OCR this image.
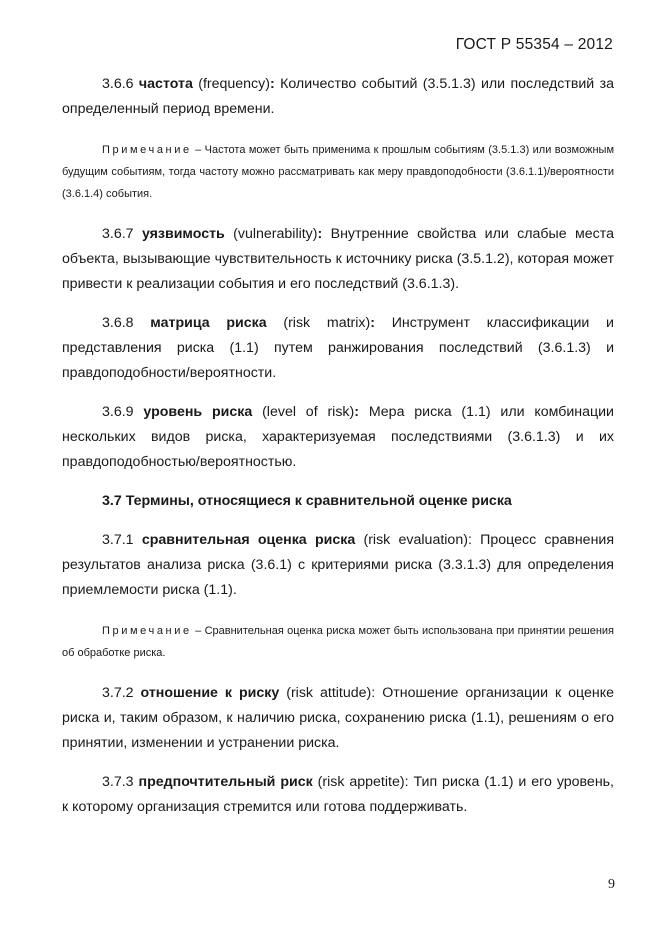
ГОСТ Р 55354 – 2012

3.6.6 частота (frequency): Количество событий (3.5.1.3) или последствий за определенный период времени.

Примечание – Частота может быть применима к прошлым событиям (3.5.1.3) или возможным будущим событиям, тогда частоту можно рассматривать как меру правдоподобности (3.6.1.1)/вероятности (3.6.1.4) события.

3.6.7 уязвимость (vulnerability): Внутренние свойства или слабые места объекта, вызывающие чувствительность к источнику риска (3.5.1.2), которая может привести к реализации события и его последствий (3.6.1.3).

3.6.8 матрица риска (risk matrix): Инструмент классификации и представления риска (1.1) путем ранжирования последствий (3.6.1.3) и правдоподобности/вероятности.

3.6.9 уровень риска (level of risk): Мера риска (1.1) или комбинации нескольких видов риска, характеризуемая последствиями (3.6.1.3) и их правдоподобностью/вероятностью.

3.7 Термины, относящиеся к сравнительной оценке риска

3.7.1 сравнительная оценка риска (risk evaluation): Процесс сравнения результатов анализа риска (3.6.1) с критериями риска (3.3.1.3) для определения приемлемости риска (1.1).

Примечание – Сравнительная оценка риска может быть использована при принятии решения об обработке риска.

3.7.2 отношение к риску (risk attitude): Отношение организации к оценке риска и, таким образом, к наличию риска, сохранению риска (1.1), решениям о его принятии, изменении и устранении риска.

3.7.3 предпочтительный риск (risk appetite): Тип риска (1.1) и его уровень, к которому организация стремится или готова поддерживать.

9
